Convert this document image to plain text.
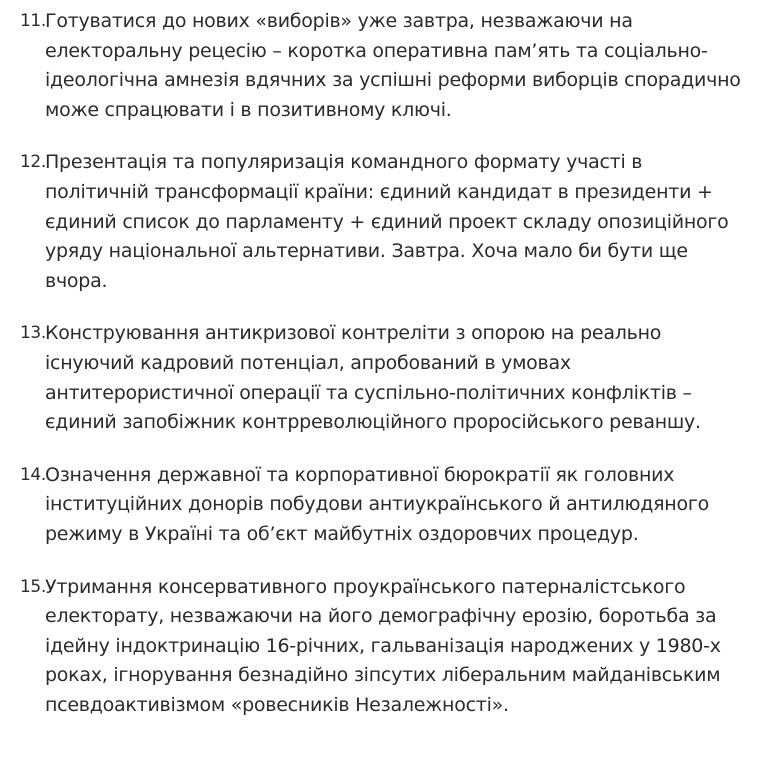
11. Готуватися до нових «виборів» уже завтра, незважаючи на електоральну рецесію – коротка оперативна пам’ять та соціально-ідеологічна амнезія вдячних за успішні реформи виборців спорадично може спрацювати і в позитивному ключі.

12. Презентація та популяризація командного формату участі в політичній трансформації країни: єдиний кандидат в президенти + єдиний список до парламенту + єдиний проект складу опозиційного уряду національної альтернативи. Завтра. Хоча мало би бути ще вчора.

13. Конструювання антикризової контреліти з опорою на реально існуючий кадровий потенціал, апробований в умовах антитерористичної операції та суспільно-політичних конфліктів – єдиний запобіжник контрреволюційного проросійського реваншу.

14. Означення державної та корпоративної бюрократії як головних інституційних донорів побудови антиукраїнського й антилюдяного режиму в Україні та об’єкт майбутніх оздоровчих процедур.

15. Утримання консервативного проукраїнського патерналістського електорату, незважаючи на його демографічну ерозію, боротьба за ідейну індоктринацію 16-річних, гальванізація народжених у 1980-х роках, ігнорування безнадійно зіпсутих ліберальним майданівським псевдоактивізмом «ровесників Незалежності».
